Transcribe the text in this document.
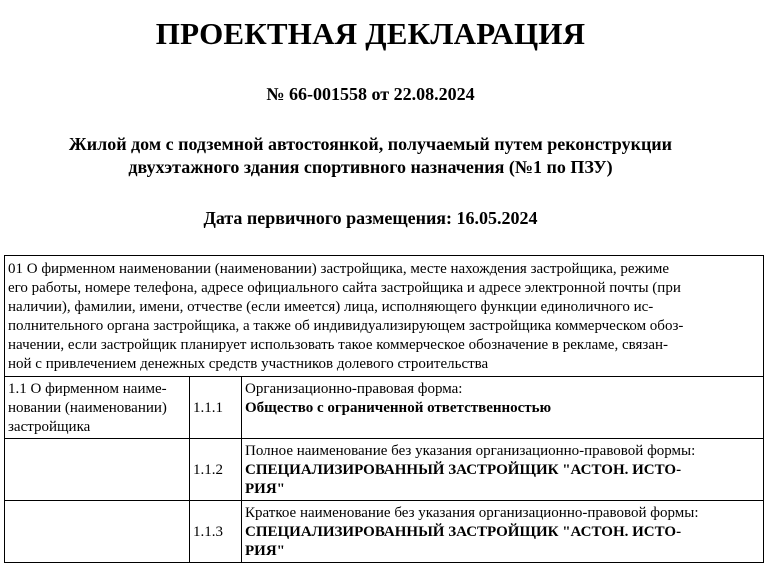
ПРОЕКТНАЯ ДЕКЛАРАЦИЯ
№ 66-001558 от 22.08.2024
Жилой дом с подземной автостоянкой, получаемый путем реконструкции
двухэтажного здания спортивного назначения (№1 по ПЗУ)
Дата первичного размещения: 16.05.2024
01 О фирменном наименовании (наименовании) застройщика, месте нахождения застройщика, режиме
его работы, номере телефона, адресе официального сайта застройщика и адресе электронной почты (при
наличии), фамилии, имени, отчестве (если имеется) лица, исполняющего функции единоличного ис-
полнительного органа застройщика, а также об индивидуализирующем застройщика коммерческом обоз-
начении, если застройщик планирует использовать такое коммерческое обозначение в рекламе, связан-
ной с привлечением денежных средств участников долевого строительства

1.1 О фирменном наиме-
новании (наименовании)
застройщика	1.1.1	Организационно-правовая форма:
Общество с ограниченной ответственностью

	1.1.2	Полное наименование без указания организационно-правовой формы:
СПЕЦИАЛИЗИРОВАННЫЙ ЗАСТРОЙЩИК "АСТОН. ИСТО-
РИЯ"

	1.1.3	Краткое наименование без указания организационно-правовой формы:
СПЕЦИАЛИЗИРОВАННЫЙ ЗАСТРОЙЩИК "АСТОН. ИСТО-
РИЯ"
